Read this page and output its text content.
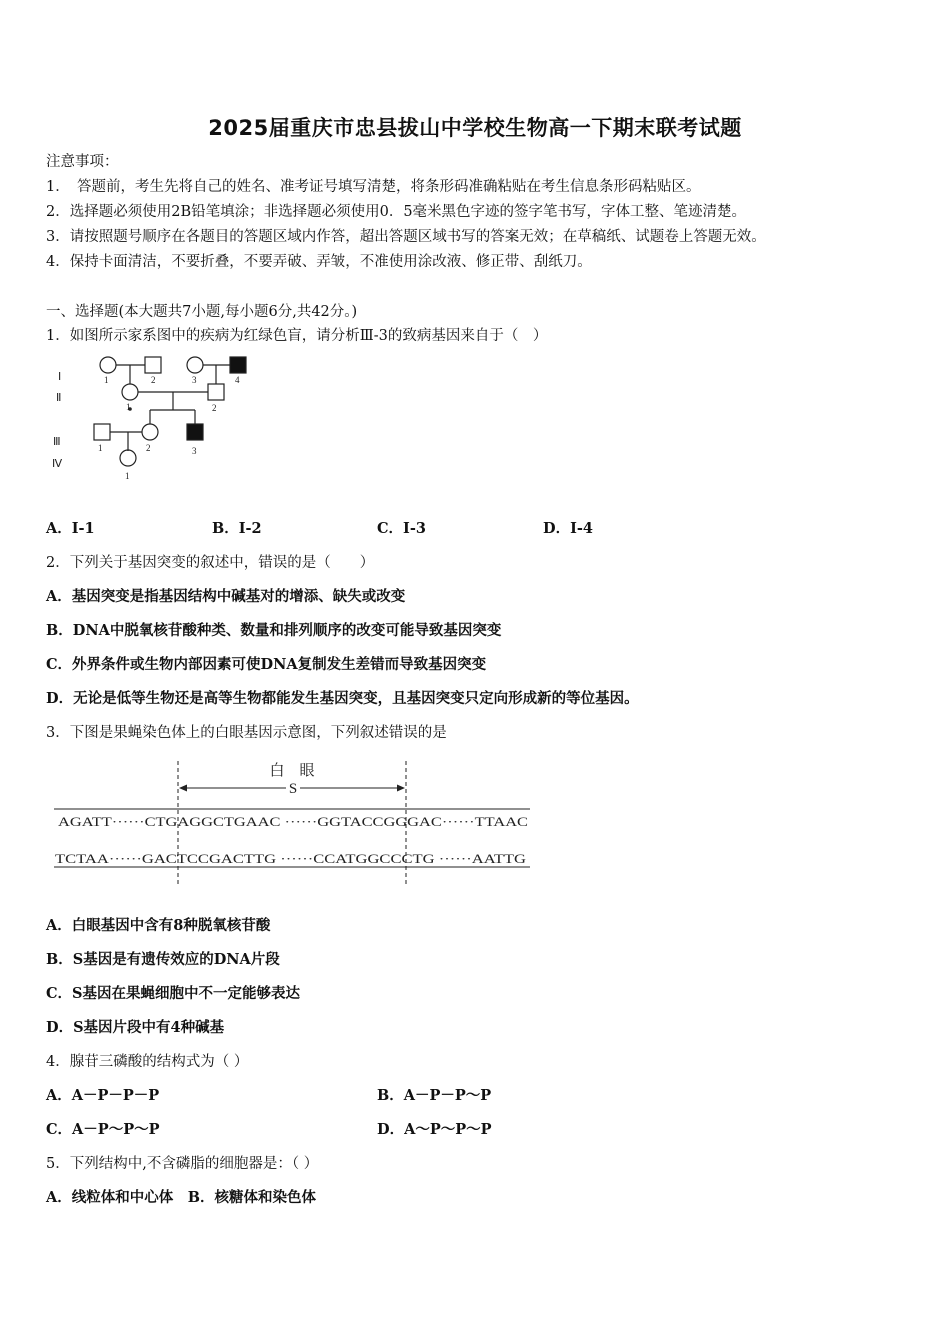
2025届重庆市忠县拔山中学校生物高一下期末联考试题
注意事项：
1．　答题前，考生先将自己的姓名、准考证号填写清楚，将条形码准确粘贴在考生信息条形码粘贴区。
2．选择题必须使用2B铅笔填涂；非选择题必须使用0．5毫米黑色字迹的签字笔书写，字体工整、笔迹清楚。
3．请按照题号顺序在各题目的答题区域内作答，超出答题区域书写的答案无效；在草稿纸、试题卷上答题无效。
4．保持卡面清洁，不要折叠，不要弄破、弄皱，不准使用涂改液、修正带、刮纸刀。
一、选择题(本大题共7小题,每小题6分,共42分。)
1．如图所示家系图中的疾病为红绿色盲，请分析Ⅲ-3的致病基因来自于（　）
Ⅰ
Ⅱ
Ⅲ
Ⅳ
1	2	3	4
1	2
1	2	3
1
A．Ⅰ-1	B．Ⅰ-2	C．Ⅰ-3	D．Ⅰ-4
2．下列关于基因突变的叙述中，错误的是（　　）
A．基因突变是指基因结构中碱基对的增添、缺失或改变
B．DNA中脱氧核苷酸种类、数量和排列顺序的改变可能导致基因突变
C．外界条件或生物内部因素可使DNA复制发生差错而导致基因突变
D．无论是低等生物还是高等生物都能发生基因突变，且基因突变只定向形成新的等位基因。
3．下图是果蝇染色体上的白眼基因示意图，下列叙述错误的是
白　眼
S
AGATT······CTGAGGCTGAAC ······GGTACCGGGAC······TTAAC
TCTAA······GACTCCGACTTG ······CCATGGCCCTG ······AATTG
A．白眼基因中含有8种脱氧核苷酸
B．S基因是有遗传效应的DNA片段
C．S基因在果蝇细胞中不一定能够表达
D．S基因片段中有4种碱基
4．腺苷三磷酸的结构式为（ ）
A．A－P－P－P	B．A－P－P～P
C．A－P～P～P	D．A～P～P～P
5．下列结构中,不含磷脂的细胞器是：（ ）
A．线粒体和中心体　B．核糖体和染色体
